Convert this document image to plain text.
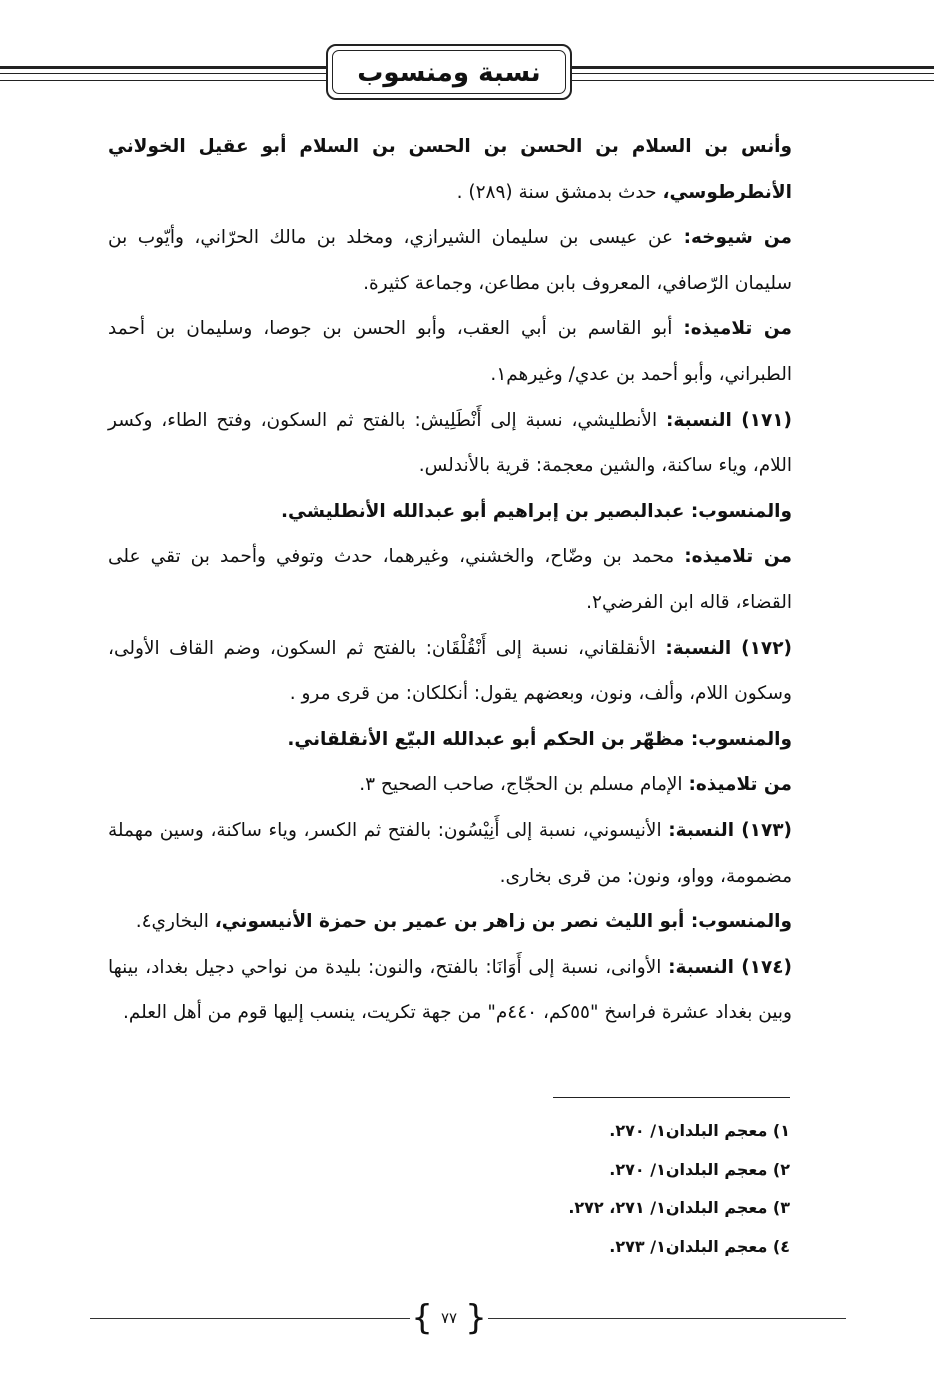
نسبة ومنسوب

وأنس بن السلام بن الحسن بن الحسن بن السلام أبو عقيل الخولاني الأنطرطوسي، حدث بدمشق سنة (٢٨٩) .

من شيوخه: عن عيسى بن سليمان الشيرازي، ومخلد بن مالك الحرّاني، وأيّوب بن سليمان الرّصافي، المعروف بابن مطاعن، وجماعة كثيرة.

من تلاميذه: أبو القاسم بن أبي العقب، وأبو الحسن بن جوصا، وسليمان بن أحمد الطبراني، وأبو أحمد بن عدي/ وغيرهم١.

(١٧١) النسبة: الأنطليشي، نسبة إلى أَنْطَلِيش: بالفتح ثم السكون، وفتح الطاء، وكسر اللام، وياء ساكنة، والشين معجمة: قرية بالأندلس.

والمنسوب: عبدالبصير بن إبراهيم أبو عبدالله الأنطليشي.

من تلاميذه: محمد بن وضّاح، والخشني، وغيرهما، حدث وتوفي وأحمد بن تقي على القضاء، قاله ابن الفرضي٢.

(١٧٢) النسبة: الأنقلقاني، نسبة إلى أَنْقُلْقَان: بالفتح ثم السكون، وضم القاف الأولى، وسكون اللام، وألف، ونون، وبعضهم يقول: أنكلكان: من قرى مرو .

والمنسوب: مظهّر بن الحكم أبو عبدالله البيّع الأنقلقاني.

من تلاميذه: الإمام مسلم بن الحجّاج، صاحب الصحيح ٣.

(١٧٣) النسبة: الأنيسوني، نسبة إلى أَنِيْسُون: بالفتح ثم الكسر، وياء ساكنة، وسين مهملة مضمومة، وواو، ونون: من قرى بخارى.

والمنسوب: أبو الليث نصر بن زاهر بن عمير بن حمزة الأنيسوني، البخاري٤.

(١٧٤) النسبة: الأوانى، نسبة إلى أَوَانَا: بالفتح، والنون: بليدة من نواحي دجيل بغداد، بينها وبين بغداد عشرة فراسخ "٥٥كم، ٤٤٠م" من جهة تكريت، ينسب إليها قوم من أهل العلم.

١) معجم البلدان١/ ٢٧٠.
٢) معجم البلدان١/ ٢٧٠.
٣) معجم البلدان١/ ٢٧١، ٢٧٢.
٤) معجم البلدان١/ ٢٧٣.
{ ٧٧ }
